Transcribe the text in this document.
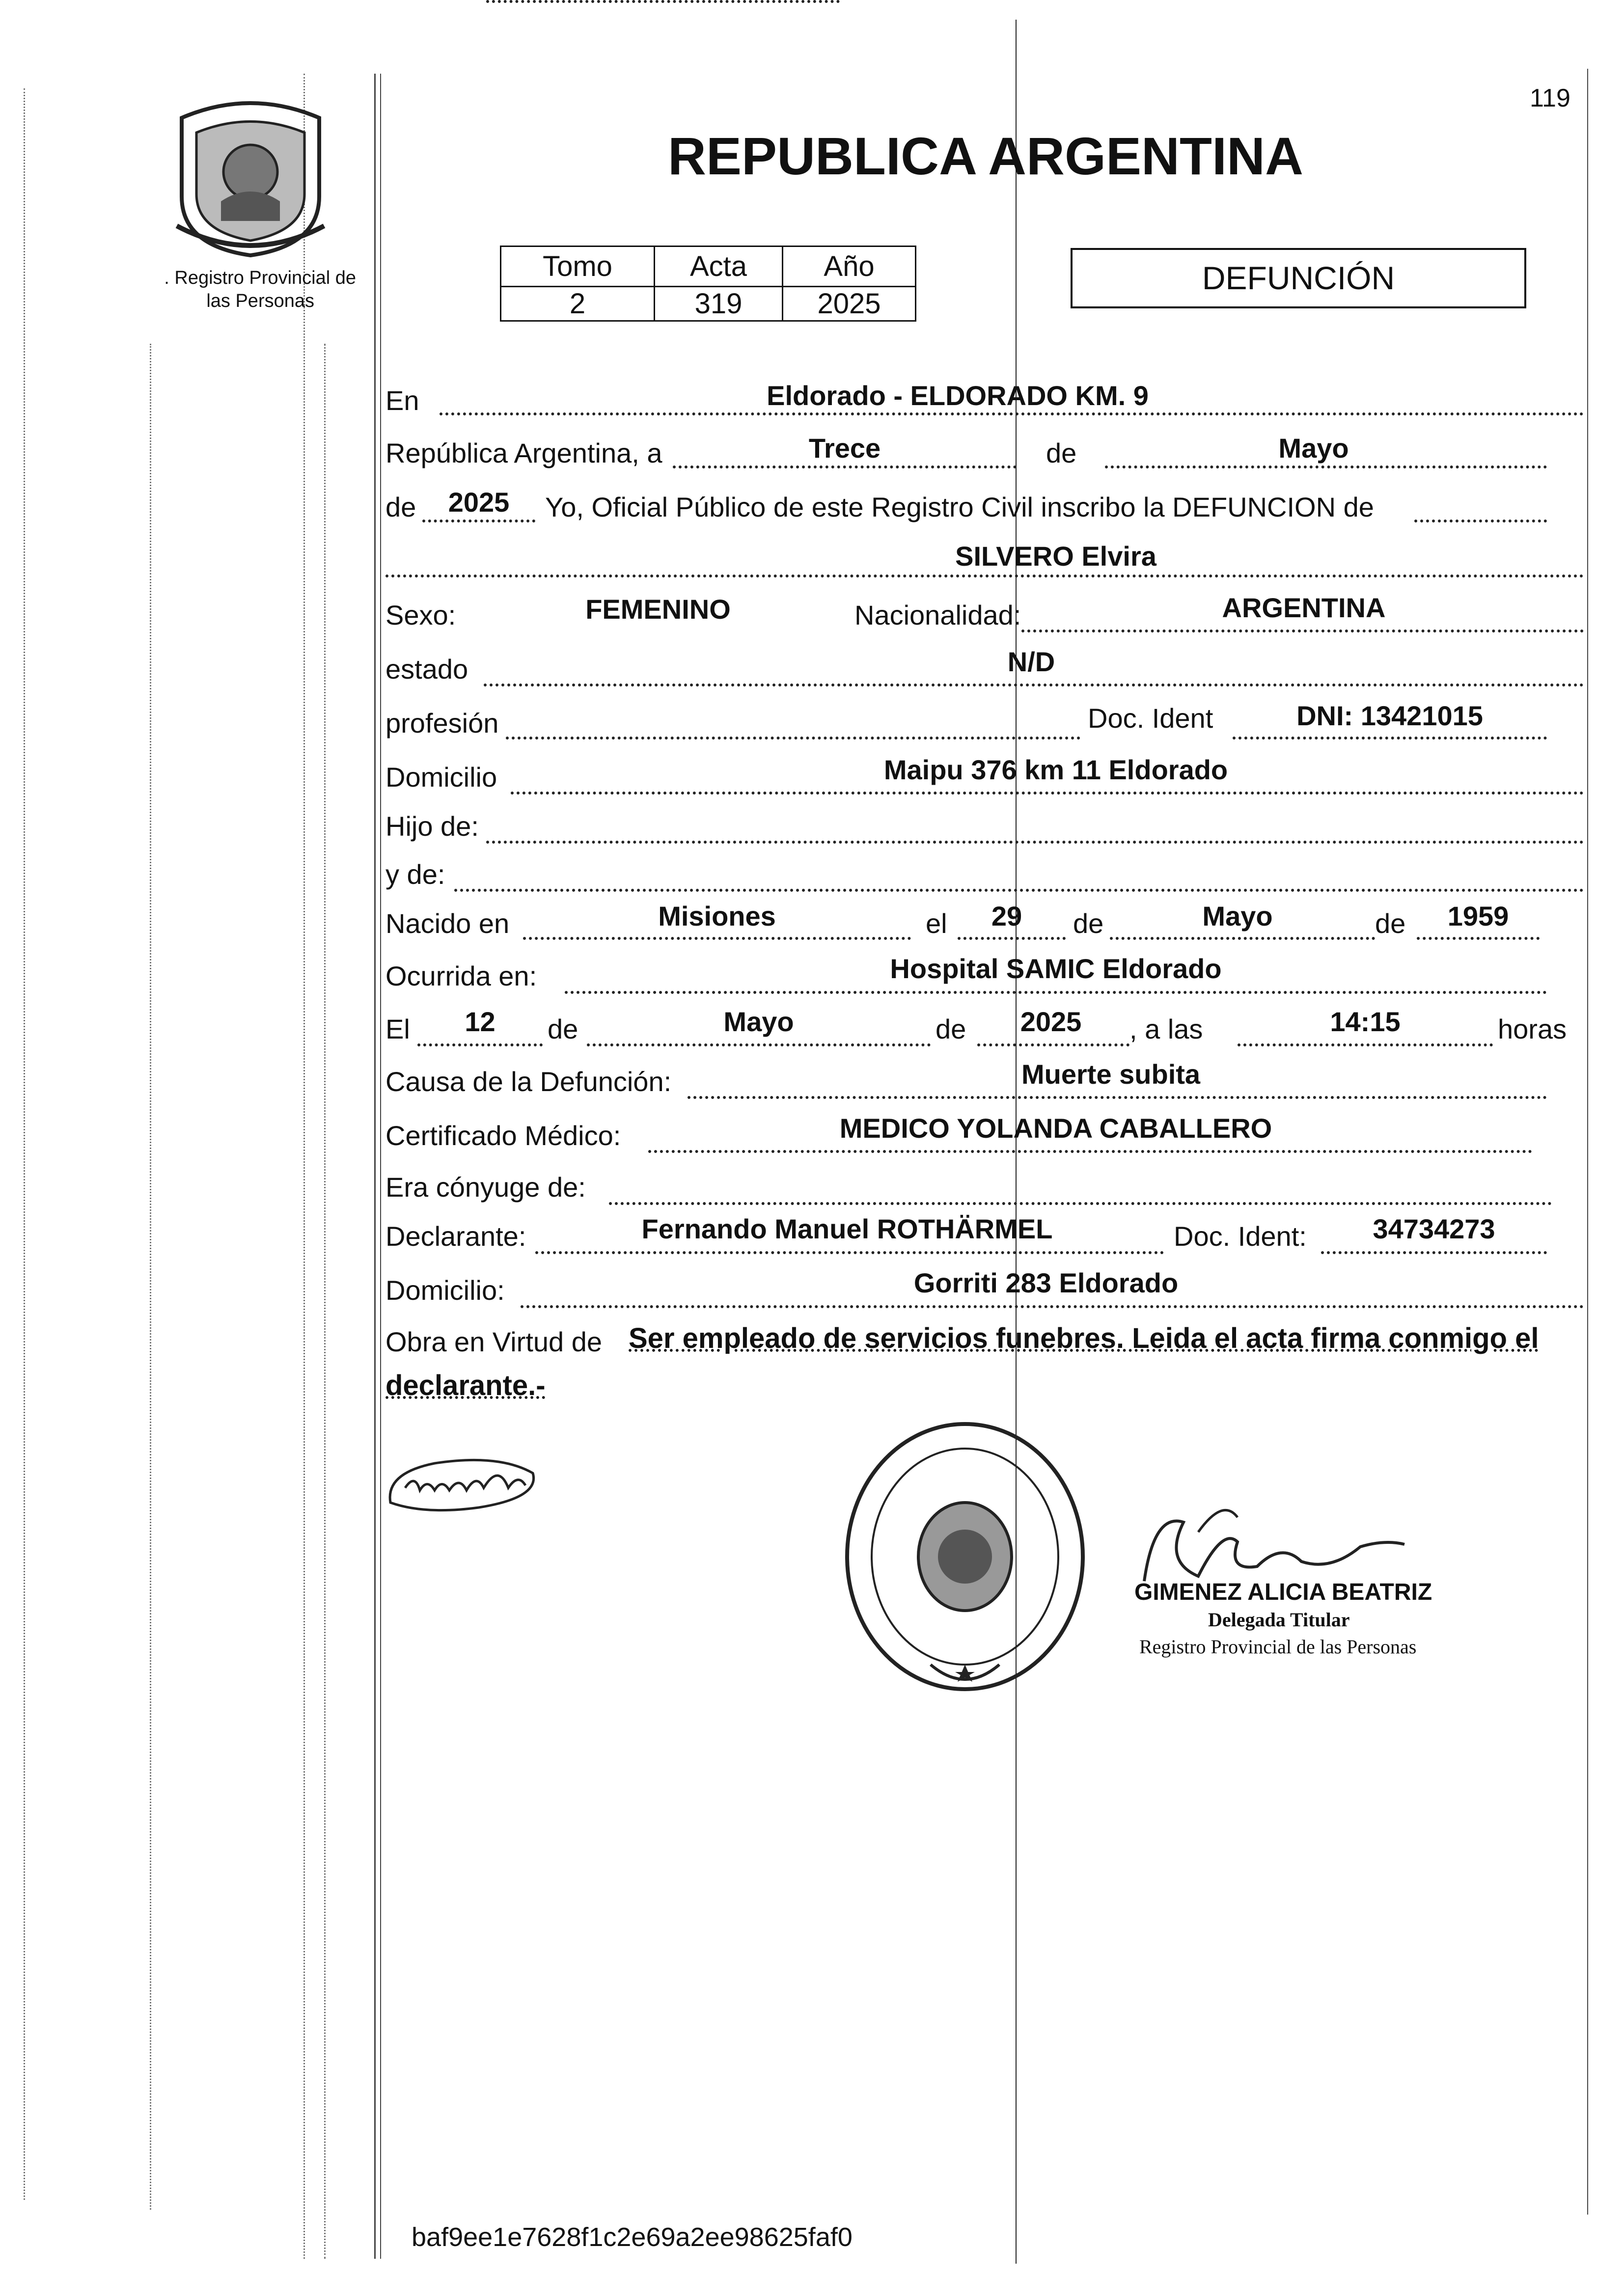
119
. Registro Provincial de
las Personas
REPUBLICA ARGENTINA
Tomo	Acta	Año
2	319	2025
DEFUNCIÓN
En	Eldorado - ELDORADO KM. 9
República Argentina, a	Trece	de	Mayo
de	2025	Yo, Oficial Público de este Registro Civil inscribo la DEFUNCION de
SILVERO Elvira
Sexo:	FEMENINO	Nacionalidad:	ARGENTINA
estado	N/D
profesión	Doc. Ident	DNI: 13421015
Domicilio	Maipu 376 km 11 Eldorado
Hijo de:
y de:
Nacido en	Misiones	el	29	de	Mayo	de	1959
Ocurrida en:	Hospital SAMIC Eldorado
El	12	de	Mayo	de	2025	, a las	14:15	horas
Causa de la Defunción:	Muerte subita
Certificado Médico:	MEDICO YOLANDA CABALLERO
Era cónyuge de:
Declarante:	Fernando Manuel ROTHÄRMEL	Doc. Ident:	34734273
Domicilio:	Gorriti 283 Eldorado
Obra en Virtud de Ser empleado de servicios funebres. Leida el acta firma conmigo el
declarante.-
GIMENEZ ALICIA BEATRIZ
Delegada Titular
Registro Provincial de las Personas
baf9ee1e7628f1c2e69a2ee98625faf0
